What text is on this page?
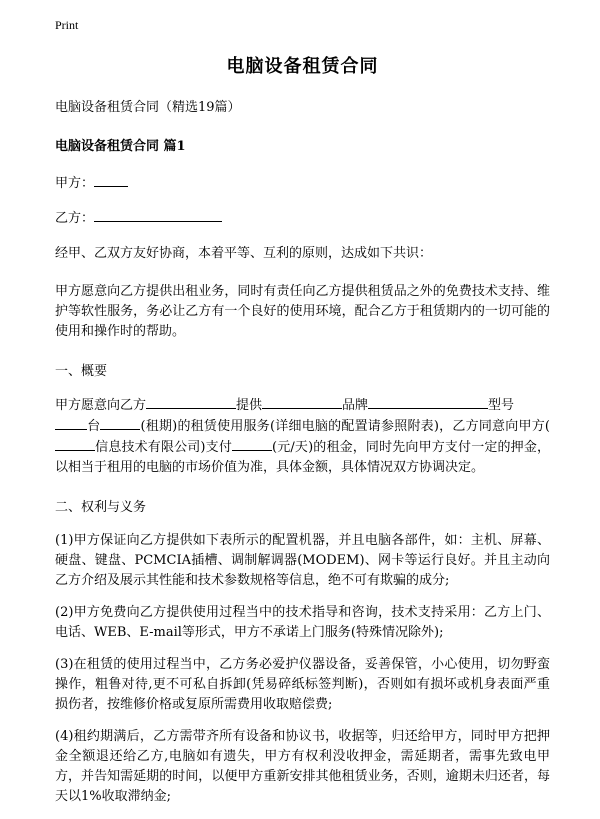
Print
电脑设备租赁合同
电脑设备租赁合同（精选19篇）
电脑设备租赁合同 篇1
甲方：
乙方：
经甲、乙双方友好协商，本着平等、互利的原则，达成如下共识：
甲方愿意向乙方提供出租业务，同时有责任向乙方提供租赁品之外的免费技术支持、维护等软性服务，务必让乙方有一个良好的使用环境，配合乙方于租赁期内的一切可能的使用和操作时的帮助。
一、概要
甲方愿意向乙方	提供	品牌	型号
台	(租期)的租赁使用服务(详细电脑的配置请参照附表)，乙方同意向甲方(信息技术有限公司)支付	(元/天)的租金，同时先向甲方支付一定的押金，以相当于租用的电脑的市场价值为准，具体金额，具体情况双方协调决定。
二、权利与义务
(1)甲方保证向乙方提供如下表所示的配置机器，并且电脑各部件，如：主机、屏幕、硬盘、键盘、PCMCIA插槽、调制解调器(MODEM)、网卡等运行良好。并且主动向乙方介绍及展示其性能和技术参数规格等信息，绝不可有欺骗的成分;
(2)甲方免费向乙方提供使用过程当中的技术指导和咨询，技术支持采用：乙方上门、电话、WEB、E-mail等形式，甲方不承诺上门服务(特殊情况除外);
(3)在租赁的使用过程当中，乙方务必爱护仪器设备，妥善保管，小心使用，切勿野蛮操作，粗鲁对待,更不可私自拆卸(凭易碎纸标签判断)，否则如有损坏或机身表面严重损伤者，按维修价格或复原所需费用收取赔偿费;
(4)租约期满后，乙方需带齐所有设备和协议书，收据等，归还给甲方，同时甲方把押金全额退还给乙方,电脑如有遗失，甲方有权利没收押金，需延期者，需事先致电甲方，并告知需延期的时间，以便甲方重新安排其他租赁业务，否则，逾期未归还者，每天以1%收取滞纳金;
